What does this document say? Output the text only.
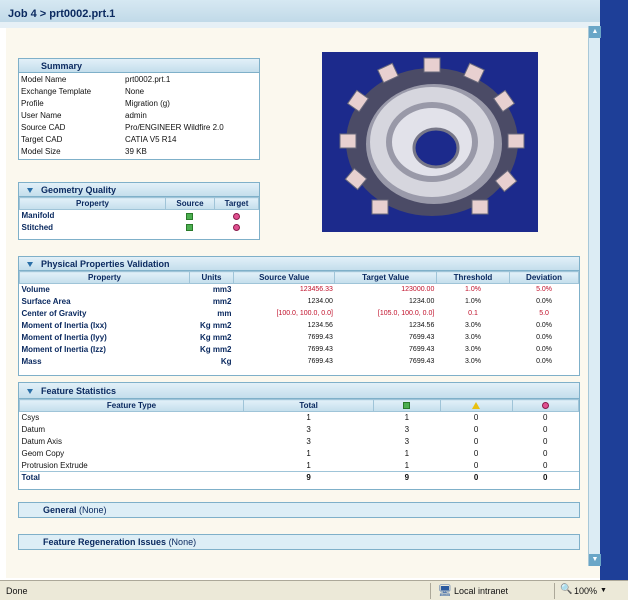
Job 4 > prt0002.prt.1
Summary
Model Name	prt0002.prt.1
Exchange Template	None
Profile	Migration (g)
User Name	admin
Source CAD	Pro/ENGINEER Wildfire 2.0
Target CAD	CATIA V5 R14
Model Size	39 KB
Geometry Quality
Property	Source	Target
Manifold		
Stitched		
Physical Properties Validation
Property	Units	Source Value	Target Value	Threshold	Deviation
Volume	mm3	123456.33	123000.00	1.0%	5.0%
Surface Area	mm2	1234.00	1234.00	1.0%	0.0%
Center of Gravity	mm	[100.0, 100.0, 0.0]	[105.0, 100.0, 0.0]	0.1	5.0
Moment of Inertia (Ixx)	Kg mm2	1234.56	1234.56	3.0%	0.0%
Moment of Inertia (Iyy)	Kg mm2	7699.43	7699.43	3.0%	0.0%
Moment of Inertia (Izz)	Kg mm2	7699.43	7699.43	3.0%	0.0%
Mass	Kg	7699.43	7699.43	3.0%	0.0%
Feature Statistics
Feature Type	Total			
Csys	1	1	0	0
Datum	3	3	0	0
Datum Axis	3	3	0	0
Geom Copy	1	1	0	0
Protrusion Extrude	1	1	0	0
Total	9	9	0	0
General (None)
Feature Regeneration Issues (None)
▲
▼
Done	🖥 Local intranet	🔍 100% ▼
